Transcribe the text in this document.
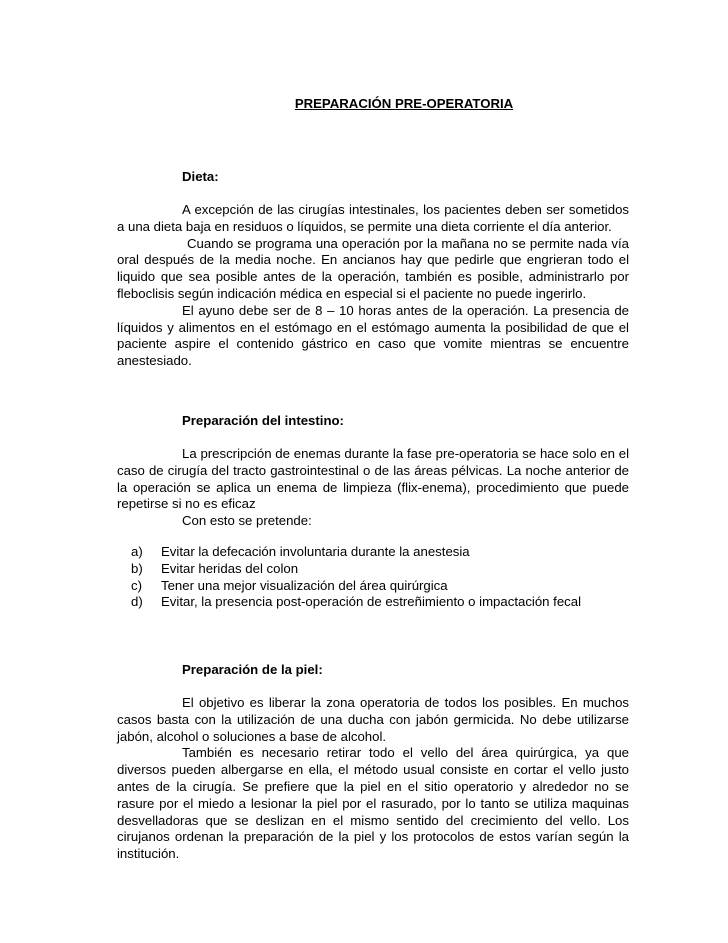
PREPARACIÓN PRE-OPERATORIA
Dieta:

A excepción de las cirugías intestinales, los pacientes deben ser sometidos a una dieta baja en residuos o líquidos, se permite una dieta corriente el día anterior.

Cuando se programa una operación por la mañana no se permite nada vía oral después de la media noche. En ancianos hay que pedirle que engrieran todo el liquido que sea posible antes de la operación, también es posible, administrarlo por fleboclisis según indicación médica en especial si el paciente no puede ingerirlo.

El ayuno debe ser de 8 – 10 horas antes de la operación. La presencia de líquidos y alimentos en el estómago en el estómago aumenta la posibilidad de que el paciente aspire el contenido gástrico en caso que vomite mientras se encuentre anestesiado.

Preparación del intestino:

La prescripción de enemas durante la fase pre-operatoria se hace solo en el caso de cirugía del tracto gastrointestinal o de las áreas pélvicas. La noche anterior de la operación se aplica un enema de limpieza (flix-enema), procedimiento que puede repetirse si no es eficaz

Con esto se pretende:

a) Evitar la defecación involuntaria durante la anestesia
b) Evitar heridas del colon
c) Tener una mejor visualización del área quirúrgica
d) Evitar, la presencia post-operación de estreñimiento o impactación fecal
Preparación de la piel:

El objetivo es liberar la zona operatoria de todos los posibles. En muchos casos basta con la utilización de una ducha con jabón germicida. No debe utilizarse jabón, alcohol o soluciones a base de alcohol.

También es necesario retirar todo el vello del área quirúrgica, ya que diversos pueden albergarse en ella, el método usual consiste en cortar el vello justo antes de la cirugía. Se prefiere que la piel en el sitio operatorio y alrededor no se rasure por el miedo a lesionar la piel por el rasurado, por lo tanto se utiliza maquinas desvelladoras que se deslizan en el mismo sentido del crecimiento del vello. Los cirujanos ordenan la preparación de la piel y los protocolos de estos varían según la institución.
